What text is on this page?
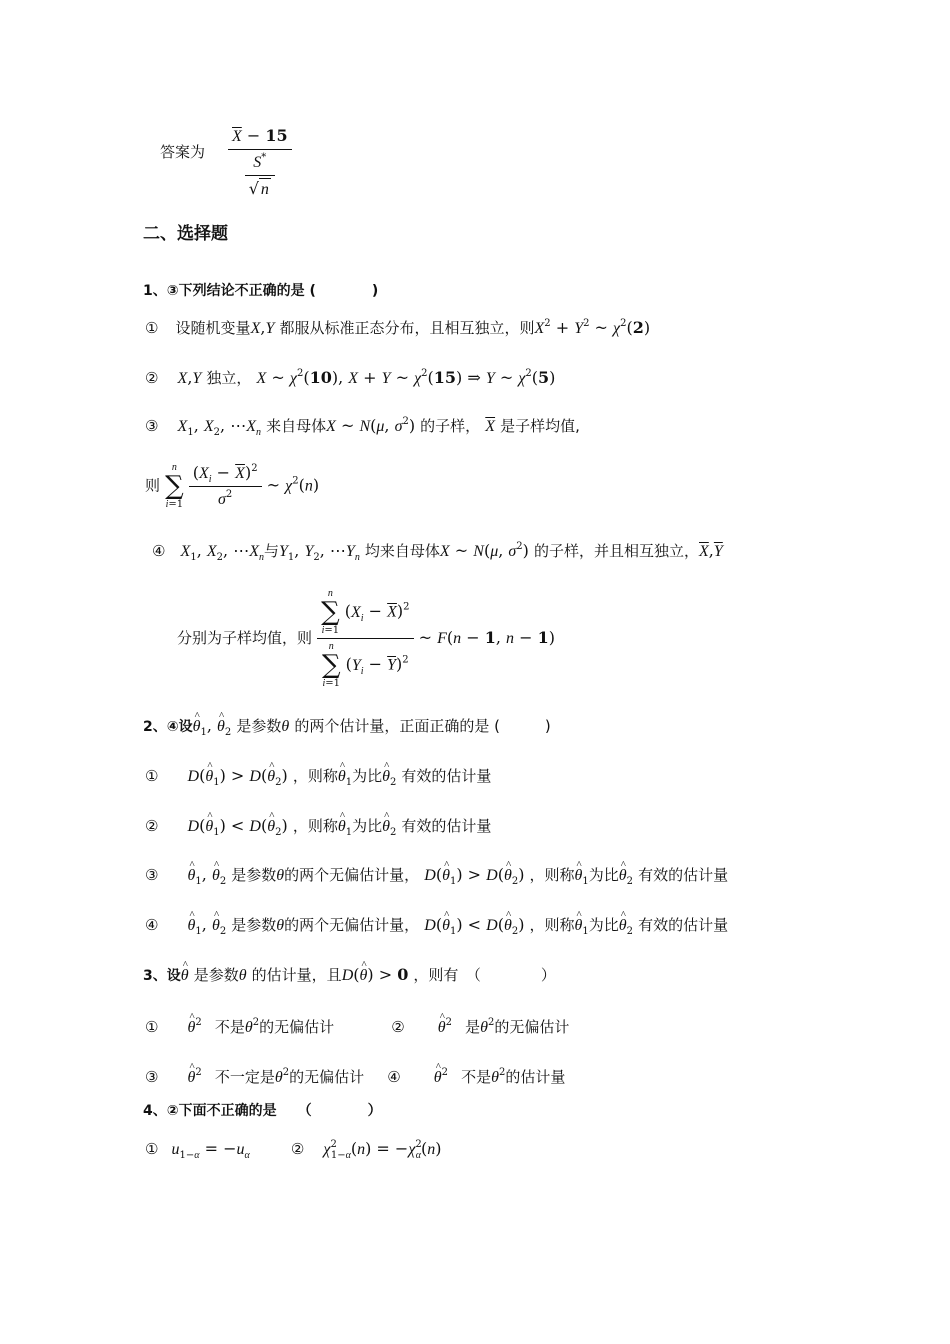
答案为 $\frac{\overline{X} - 15}{\frac{S^*}{√ n}}$
二、选择题
1、③下列结论不正确的是 (　　　　)
① 设随机变量X,Y 都服从标准正态分布，且相互独立，则$X^2 + Y^2$ ~ $\chi^2(2)$
② X,Y 独立， X ~ $\chi^2(10)$, X + Y ~ $\chi^2(15)$ ⇒ Y ~ $\chi^2(5)$
③ $X_1$, $X_2$, $\cdots X_n$ 来自母体X ~ N(μ, $\sigma^2$) 的子样， $\overline{X}$ 是子样均值,
则 n
∑
$i=1 \frac{(X_i - \overline{X})^2}{\sigma^2}$ ~ $\chi^2(n)$
④ $X_1$, $X_2$, $\cdots X_n$与$Y_1$, $Y_2$, $\cdots Y_n$ 均来自母体X ~ N(μ, $\sigma^2$) 的子样，并且相互独立，$\overline{X},\overline{Y}$
分别为子样均值，则 n
∑
i=1 $(X_i - \overline{X})^2$
n
∑
i=1 $(Y_i - \overline{Y})^2$ ~ F(n − 1, n − 1)
2、④设^ $\theta_1$, ^ $\theta_2$ 是参数θ 的两个估计量，正面正确的是 (　　　)
① D(^ $\theta_1$) > D(^ $\theta_2$) ，则称^ $\theta_1$为比^ $\theta_2$ 有效的估计量
② D(^ $\theta_1$) < D(^ $\theta_2$) ，则称^ $\theta_1$为比^ $\theta_2$ 有效的估计量
③ ^ $\theta_1$, ^ $\theta_2$ 是参数θ的两个无偏估计量， D(^ $\theta_1$) > D(^ $\theta_2$) ，则称^ $\theta_1$为比^ $\theta_2$ 有效的估计量
④ ^ $\theta_1$, ^ $\theta_2$ 是参数θ的两个无偏估计量， D(^ $\theta_1$) < D(^ $\theta_2$) ，则称^ $\theta_1$为比^ $\theta_2$ 有效的估计量
3、设^ θ 是参数θ 的估计量，且D(^ θ) > 0 ，则有　（　　　　）
① ^ $\theta^2$ 不是$\theta^2$的无偏估计	② ^ $\theta^2$ 是$\theta^2$的无偏估计
③ ^ $\theta^2$ 不一定是$\theta^2$的无偏估计 ④ ^ $\theta^2$ 不是$\theta^2$的估计量
4、②下面不正确的是　　（　　　　）
① $u_{1-\alpha} = -u_\alpha$	② $\chi^2_{1-\alpha}(n) = -\chi^2_\alpha(n)$
